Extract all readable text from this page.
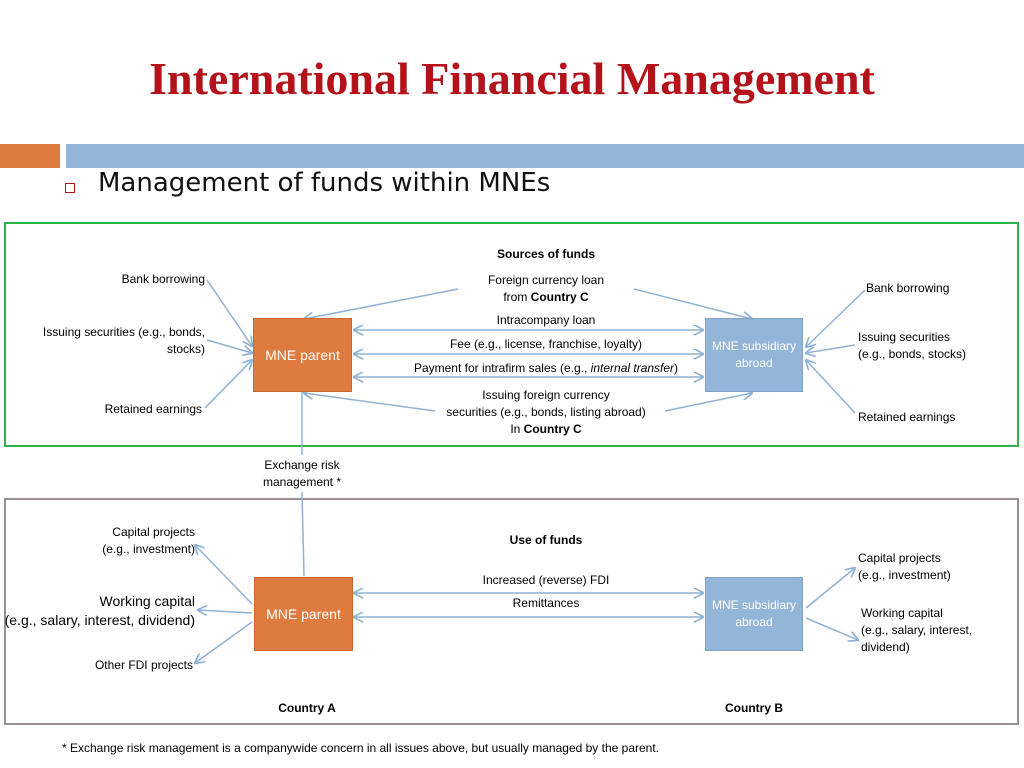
International Financial Management
Management of funds within MNEs
Sources of funds
Bank borrowing
Issuing securities (e.g., bonds,
stocks)
Retained earnings
MNE parent
MNE subsidiary
abroad
Foreign currency loan
from Country C
Intracompany loan
Fee (e.g., license, franchise, loyalty)
Payment for intrafirm sales (e.g., internal transfer)
Issuing foreign currency
securities (e.g., bonds, listing abroad)
In Country C
Bank borrowing
Issuing securities
(e.g., bonds, stocks)
Retained earnings
Exchange risk
management *
Use of funds
Capital projects
(e.g., investment)
Working capital
(e.g., salary, interest, dividend)
Other FDI projects
MNE parent
MNE subsidiary
abroad
Increased (reverse) FDI
Remittances
Capital projects
(e.g., investment)
Working capital
(e.g., salary, interest,
dividend)
Country A	Country B
* Exchange risk management is a companywide concern in all issues above, but usually managed by the parent.
